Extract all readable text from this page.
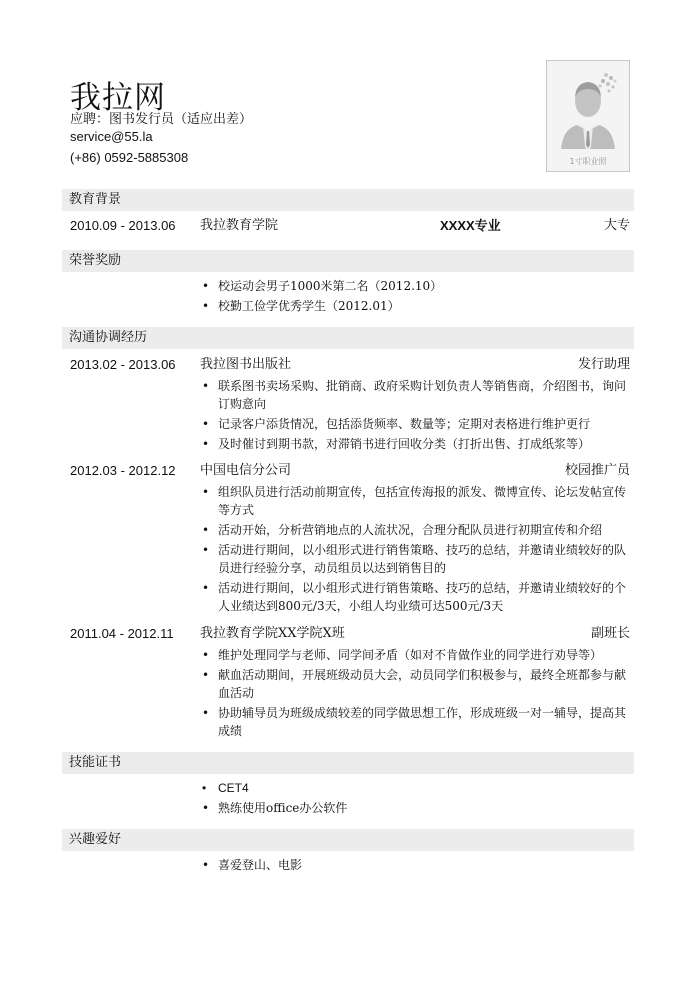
我拉网
应聘：图书发行员（适应出差）
service@55.la
(+86) 0592-5885308	1寸职业照
教育背景
2010.09 - 2013.06 我拉教育学院	XXXX专业	大专
荣誉奖励
• 校运动会男子1000米第二名（2012.10）
• 校勤工俭学优秀学生（2012.01）
沟通协调经历
2013.02 - 2013.06 我拉图书出版社	发行助理
• 联系图书卖场采购、批销商、政府采购计划负责人等销售商，介绍图书，询问订购意向
• 记录客户添货情况，包括添货频率、数量等；定期对表格进行维护更行
• 及时催讨到期书款，对滞销书进行回收分类（打折出售、打成纸浆等）
2012.03 - 2012.12 中国电信分公司	校园推广员
• 组织队员进行活动前期宣传，包括宣传海报的派发、微博宣传、论坛发帖宣传等方式
• 活动开始，分析营销地点的人流状况，合理分配队员进行初期宣传和介绍
• 活动进行期间，以小组形式进行销售策略、技巧的总结，并邀请业绩较好的队员进行经验分享，动员组员以达到销售目的
• 活动进行期间，以小组形式进行销售策略、技巧的总结，并邀请业绩较好的个人业绩达到800元/3天，小组人均业绩可达500元/3天
2011.04 - 2012.11 我拉教育学院XX学院X班	副班长
• 维护处理同学与老师、同学间矛盾（如对不肯做作业的同学进行劝导等）
• 献血活动期间，开展班级动员大会，动员同学们积极参与，最终全班都参与献血活动
• 协助辅导员为班级成绩较差的同学做思想工作，形成班级一对一辅导，提高其成绩
技能证书
• CET4
• 熟练使用office办公软件
兴趣爱好
• 喜爱登山、电影
